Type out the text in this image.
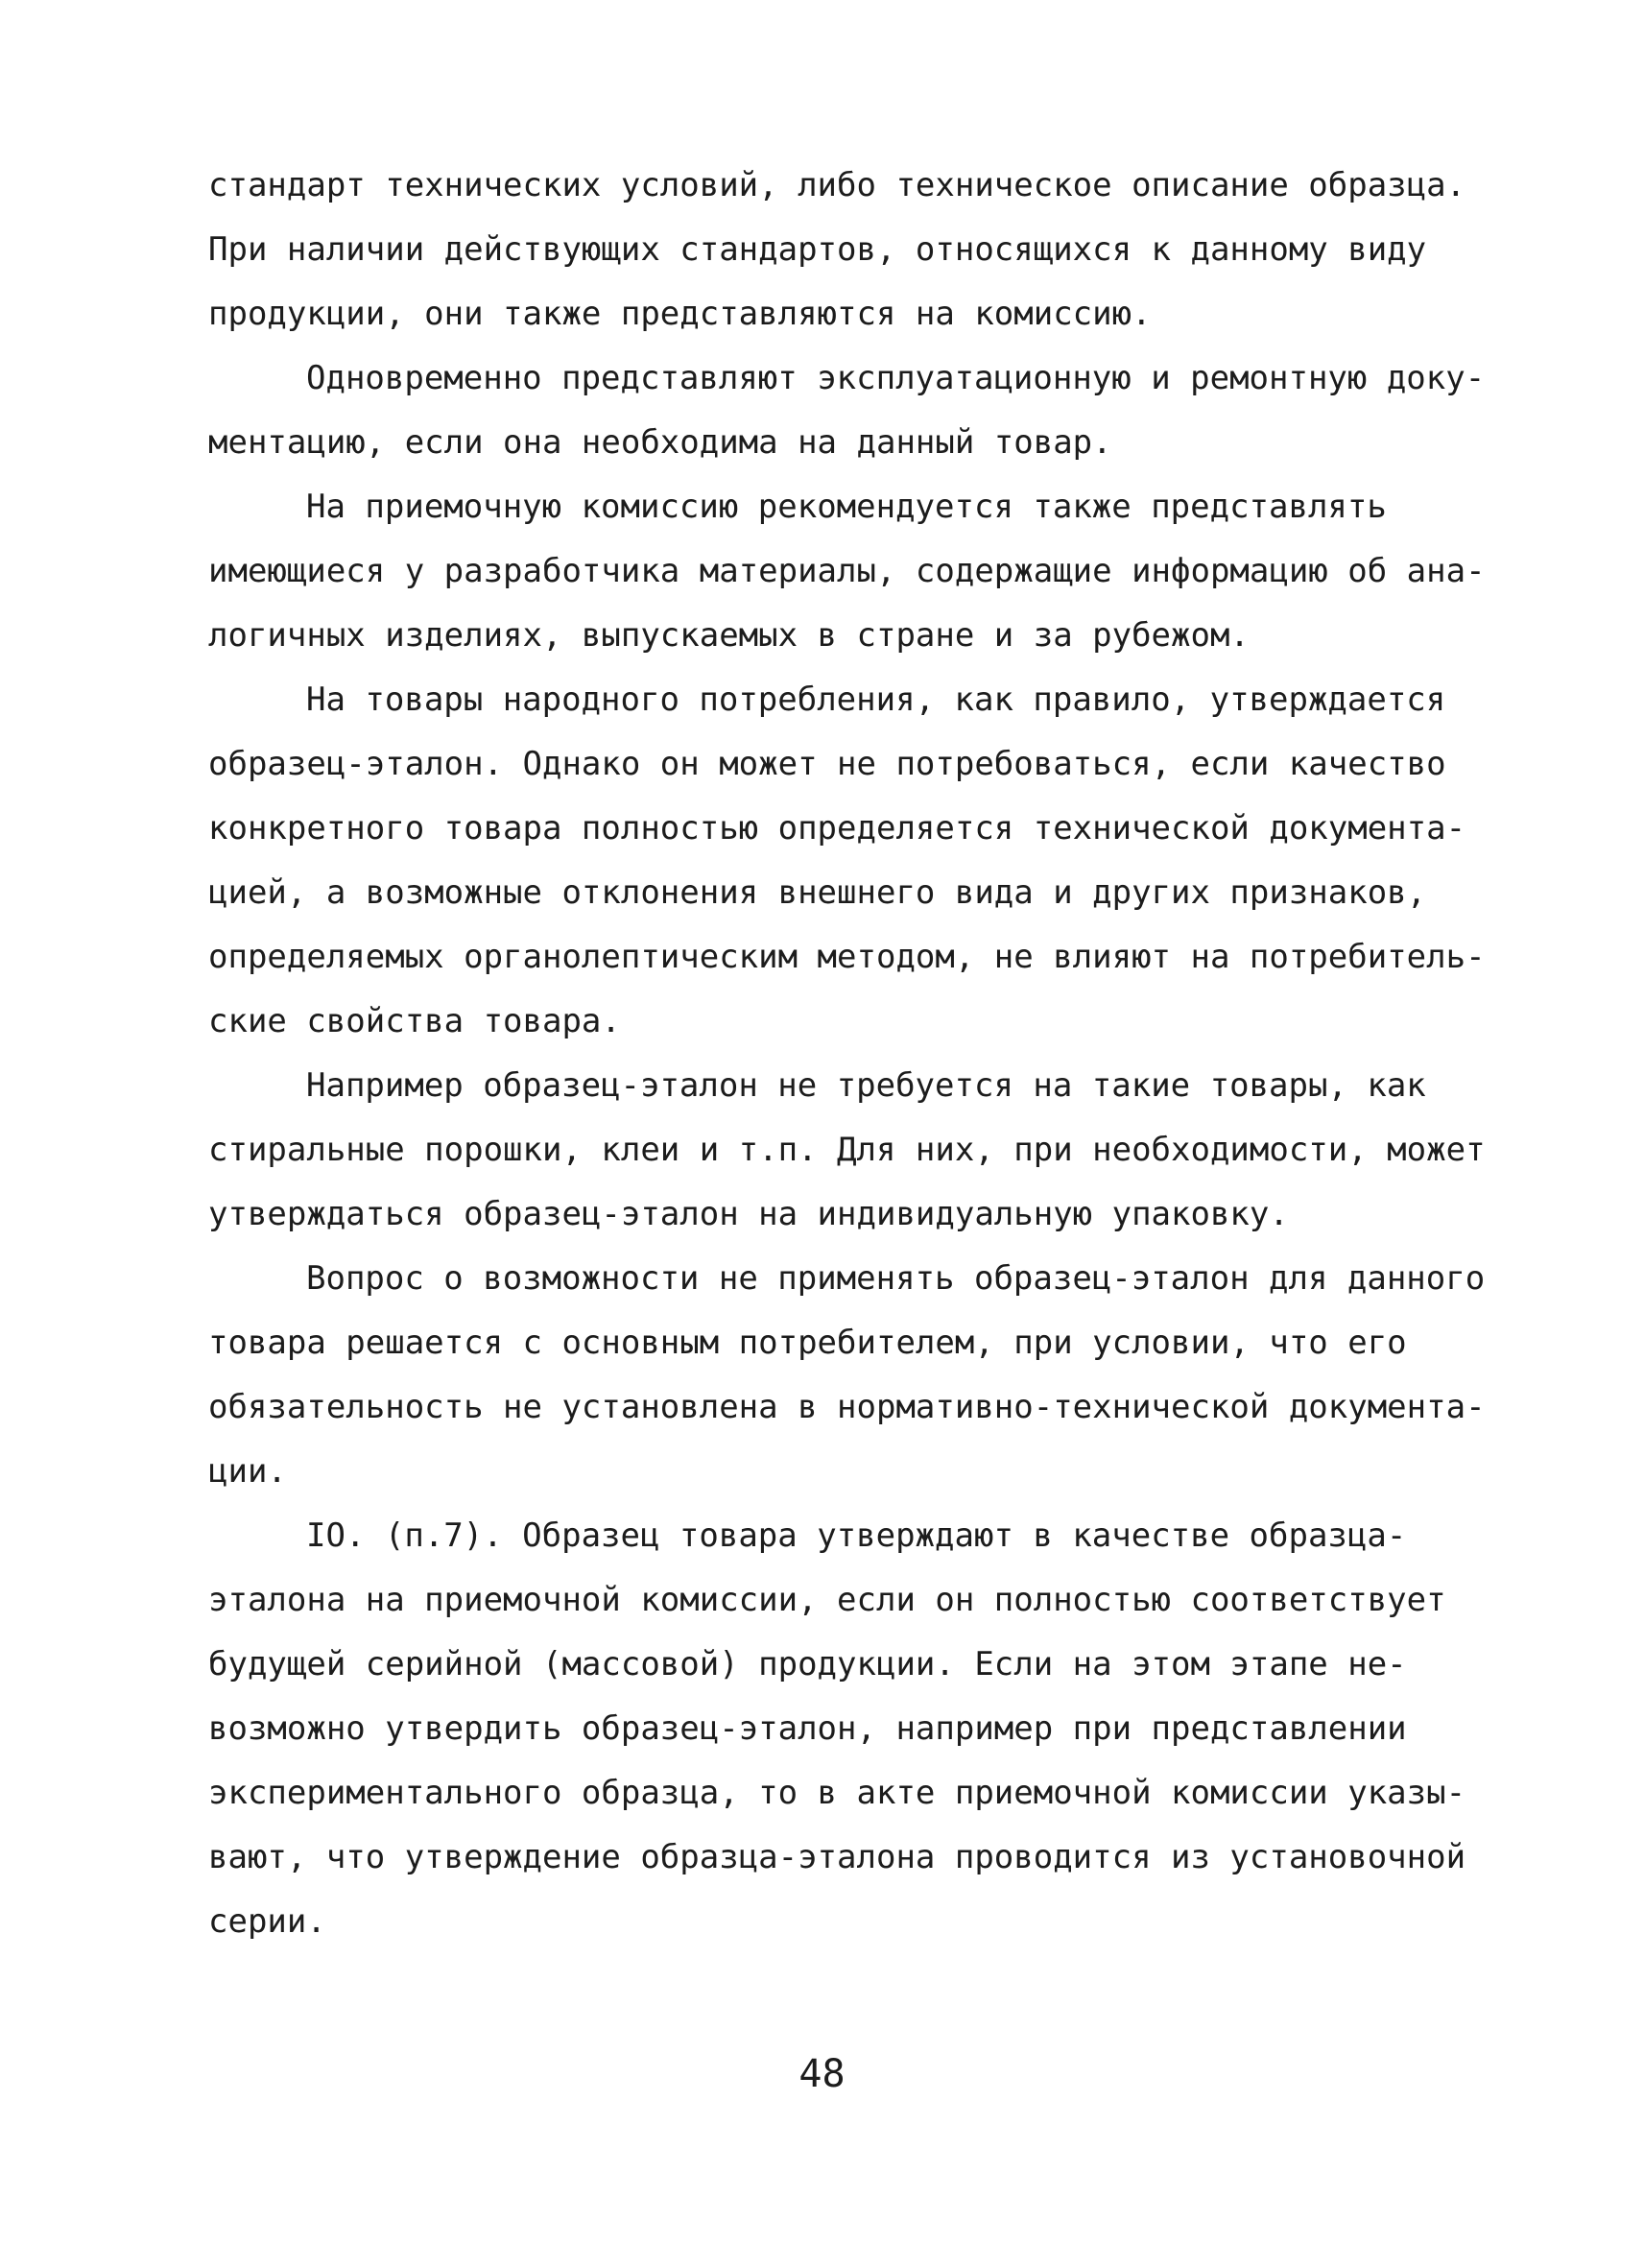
стандарт технических условий, либо техническое описание образца.
При наличии действующих стандартов, относящихся к данному виду
продукции, они также представляются на комиссию.
Одновременно представляют эксплуатационную и ремонтную доку-
ментацию, если она необходима на данный товар.
На приемочную комиссию рекомендуется также представлять
имеющиеся у разработчика материалы, содержащие информацию об ана-
логичных изделиях, выпускаемых в стране и за рубежом.
На товары народного потребления, как правило, утверждается
образец-эталон. Однако он может не потребоваться, если качество
конкретного товара полностью определяется технической документа-
цией, а возможные отклонения внешнего вида и других признаков,
определяемых органолептическим методом, не влияют на потребитель-
ские свойства товара.
Например образец-эталон не требуется на такие товары, как
стиральные порошки, клеи и т.п. Для них, при необходимости, может
утверждаться образец-эталон на индивидуальную упаковку.
Вопрос о возможности не применять образец-эталон для данного
товара решается с основным потребителем, при условии, что его
обязательность не установлена в нормативно-технической документа-
ции.
IO. (п.7). Образец товара утверждают в качестве образца-
эталона на приемочной комиссии, если он полностью соответствует
будущей серийной (массовой) продукции. Если на этом этапе не-
возможно утвердить образец-эталон, например при представлении
экспериментального образца, то в акте приемочной комиссии указы-
вают, что утверждение образца-эталона проводится из установочной
серии.
48
